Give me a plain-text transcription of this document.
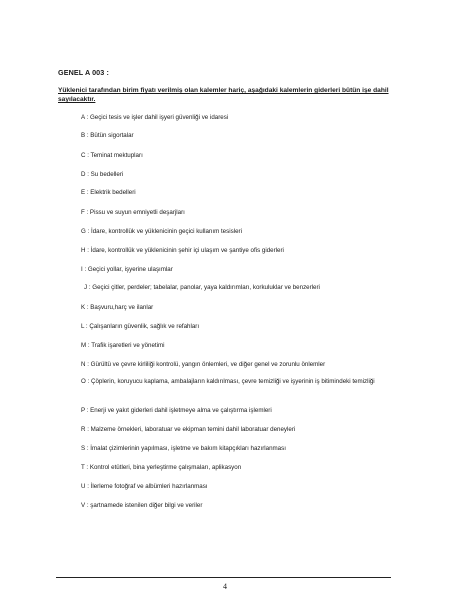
GENEL A 003 :
Yüklenici tarafından birim fiyatı verilmiş olan kalemler hariç, aşağıdaki kalemlerin giderleri bütün işe dahil sayılacaktır.
A : Geçici tesis ve işler dahil işyeri güvenliği ve idaresi
B : Bütün sigortalar
C : Teminat mektupları
D : Su bedelleri
E : Elektrik bedelleri
F : Pissu ve suyun emniyetli deşarjları
G : İdare, kontrollük ve yüklenicinin geçici kullanım tesisleri
H : İdare, kontrollük ve yüklenicinin şehir içi ulaşım ve şantiye ofis giderleri
I : Geçici yollar, işyerine ulaşımlar
J : Geçici çitler, perdeler; tabelalar, panolar, yaya kaldırımları, korkuluklar ve benzerleri
K : Başvuru,harç ve ilanlar
L : Çalışanların güvenlik, sağlık ve refahları
M : Trafik işaretleri ve yönetimi
N : Gürültü ve çevre kirliliği kontrolü, yangın önlemleri, ve diğer genel ve zorunlu önlemler
O : Çöplerin, koruyucu kaplama, ambalajların kaldırılması, çevre temizliği ve işyerinin iş bitimindeki temizliği
P : Enerji ve yakıt giderleri dahil işletmeye alma ve çalıştırma işlemleri
R : Malzeme örnekleri, laboratuar ve ekipman temini dahil laboratuar deneyleri
S : İmalat çizimlerinin yapılması, işletme ve bakım kitapçıkları hazırlanması
T : Kontrol etütleri, bina yerleştirme çalışmaları, aplikasyon
U : İlerleme fotoğraf ve albümleri hazırlanması
V : şartnamede istenilen diğer bilgi ve veriler
4
